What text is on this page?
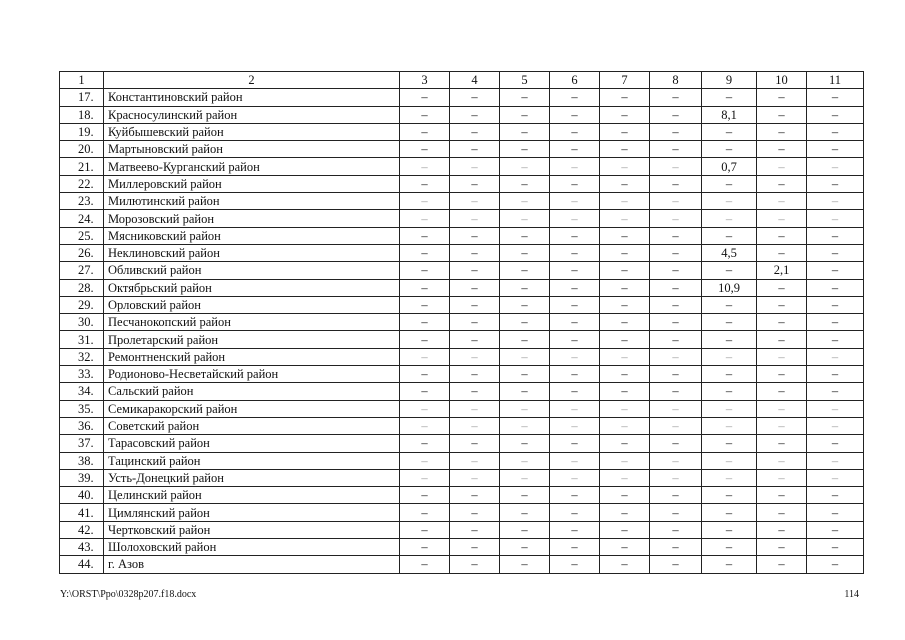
1	2	3	4	5	6	7	8	9	10	11
17.	Константиновский район	–	–	–	–	–	–	–	–	–
18.	Красносулинский район	–	–	–	–	–	–	8,1	–	–
19.	Куйбышевский район	–	–	–	–	–	–	–	–	–
20.	Мартыновский район	–	–	–	–	–	–	–	–	–
21.	Матвеево-Курганский район	–	–	–	–	–	–	0,7	–	–
22.	Миллеровский район	–	–	–	–	–	–	–	–	–
23.	Милютинский район	–	–	–	–	–	–	–	–	–
24.	Морозовский район	–	–	–	–	–	–	–	–	–
25.	Мясниковский район	–	–	–	–	–	–	–	–	–
26.	Неклиновский район	–	–	–	–	–	–	4,5	–	–
27.	Обливский район	–	–	–	–	–	–	–	2,1	–
28.	Октябрьский район	–	–	–	–	–	–	10,9	–	–
29.	Орловский район	–	–	–	–	–	–	–	–	–
30.	Песчанокопский район	–	–	–	–	–	–	–	–	–
31.	Пролетарский район	–	–	–	–	–	–	–	–	–
32.	Ремонтненский район	–	–	–	–	–	–	–	–	–
33.	Родионово-Несветайский район	–	–	–	–	–	–	–	–	–
34.	Сальский район	–	–	–	–	–	–	–	–	–
35.	Семикаракорский район	–	–	–	–	–	–	–	–	–
36.	Советский район	–	–	–	–	–	–	–	–	–
37.	Тарасовский район	–	–	–	–	–	–	–	–	–
38.	Тацинский район	–	–	–	–	–	–	–	–	–
39.	Усть-Донецкий район	–	–	–	–	–	–	–	–	–
40.	Целинский район	–	–	–	–	–	–	–	–	–
41.	Цимлянский район	–	–	–	–	–	–	–	–	–
42.	Чертковский район	–	–	–	–	–	–	–	–	–
43.	Шолоховский район	–	–	–	–	–	–	–	–	–
44.	г. Азов	–	–	–	–	–	–	–	–	–
Y:\ORST\Ppo\0328p207.f18.docx	114
